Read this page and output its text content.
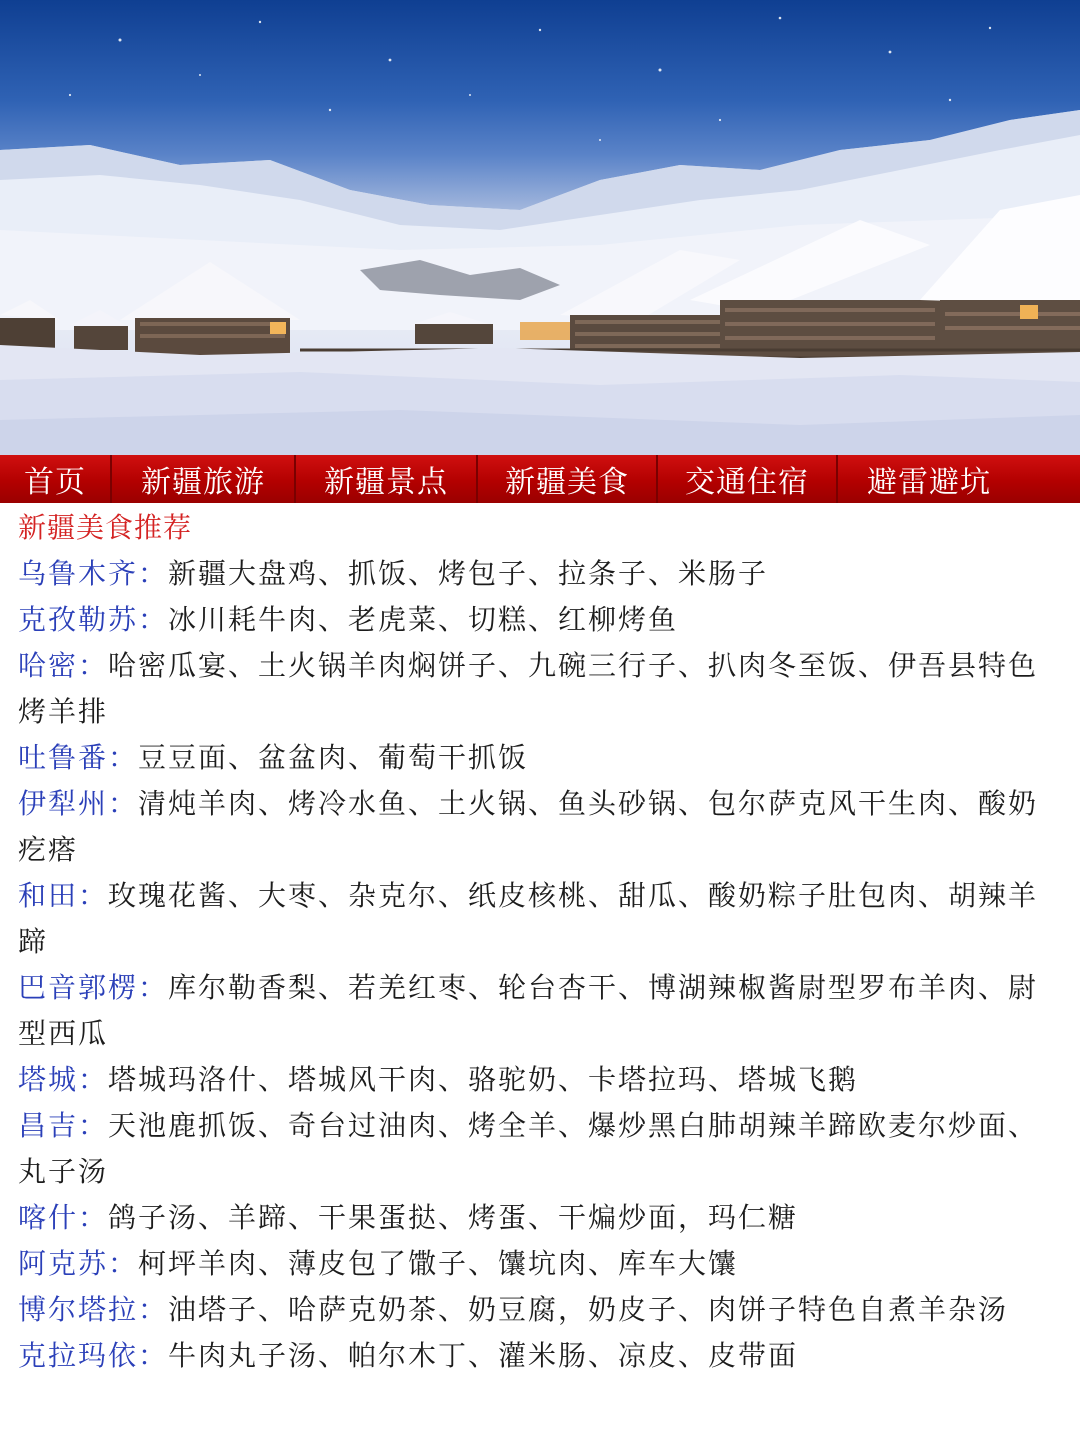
首页	新疆旅游	新疆景点	新疆美食	交通住宿	避雷避坑
新疆美食推荐

乌鲁木齐：新疆大盘鸡、抓饭、烤包子、拉条子、米肠子

克孜勒苏：冰川耗牛肉、老虎菜、切糕、红柳烤鱼

哈密：哈密瓜宴、土火锅羊肉焖饼子、九碗三行子、扒肉冬至饭、伊吾县特色烤羊排

吐鲁番：豆豆面、盆盆肉、葡萄干抓饭

伊犁州：清炖羊肉、烤冷水鱼、土火锅、鱼头砂锅、包尔萨克风干生肉、酸奶疙瘩

和田：玫瑰花酱、大枣、杂克尔、纸皮核桃、甜瓜、酸奶粽子肚包肉、胡辣羊蹄

巴音郭楞：库尔勒香梨、若羌红枣、轮台杏干、博湖辣椒酱尉型罗布羊肉、尉型西瓜

塔城：塔城玛洛什、塔城风干肉、骆驼奶、卡塔拉玛、塔城飞鹅

昌吉：天池鹿抓饭、奇台过油肉、烤全羊、爆炒黑白肺胡辣羊蹄欧麦尔炒面、丸子汤

喀什：鸽子汤、羊蹄、干果蛋挞、烤蛋、干煸炒面，玛仁糖

阿克苏：柯坪羊肉、薄皮包了馓子、馕坑肉、库车大馕

博尔塔拉：油塔子、哈萨克奶茶、奶豆腐，奶皮子、肉饼子特色自煮羊杂汤

克拉玛依：牛肉丸子汤、帕尔木丁、灌米肠、凉皮、皮带面
